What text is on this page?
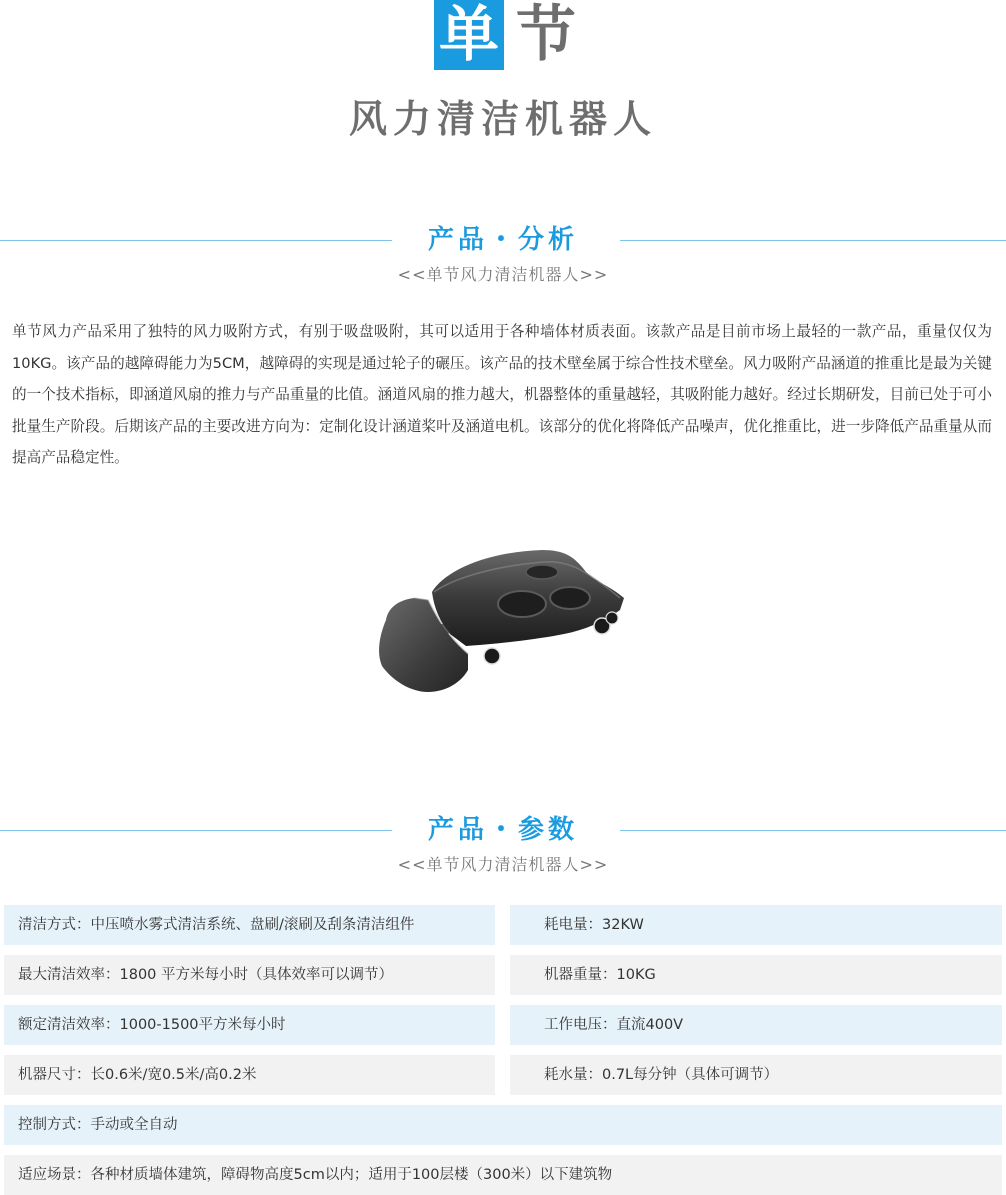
单 节
风力清洁机器人
产品・分析
<<单节风力清洁机器人>>
单节风力产品采用了独特的风力吸附方式，有别于吸盘吸附，其可以适用于各种墙体材质表面。该款产品是目前市场上最轻的一款产品，重量仅仅为10KG。该产品的越障碍能力为5CM，越障碍的实现是通过轮子的碾压。该产品的技术壁垒属于综合性技术壁垒。风力吸附产品涵道的推重比是最为关键的一个技术指标，即涵道风扇的推力与产品重量的比值。涵道风扇的推力越大，机器整体的重量越轻，其吸附能力越好。经过长期研发，目前已处于可小批量生产阶段。后期该产品的主要改进方向为：定制化设计涵道桨叶及涵道电机。该部分的优化将降低产品噪声，优化推重比，进一步降低产品重量从而提高产品稳定性。
产品・参数
<<单节风力清洁机器人>>
清洁方式：中压喷水雾式清洁系统、盘刷/滚刷及刮条清洁组件	耗电量：32KW
最大清洁效率：1800 平方米每小时（具体效率可以调节）	机器重量：10KG
额定清洁效率：1000-1500平方米每小时	工作电压：直流400V
机器尺寸：长0.6米/宽0.5米/高0.2米	耗水量：0.7L每分钟（具体可调节）
控制方式：手动或全自动
适应场景：各种材质墙体建筑，障碍物高度5cm以内；适用于100层楼（300米）以下建筑物
